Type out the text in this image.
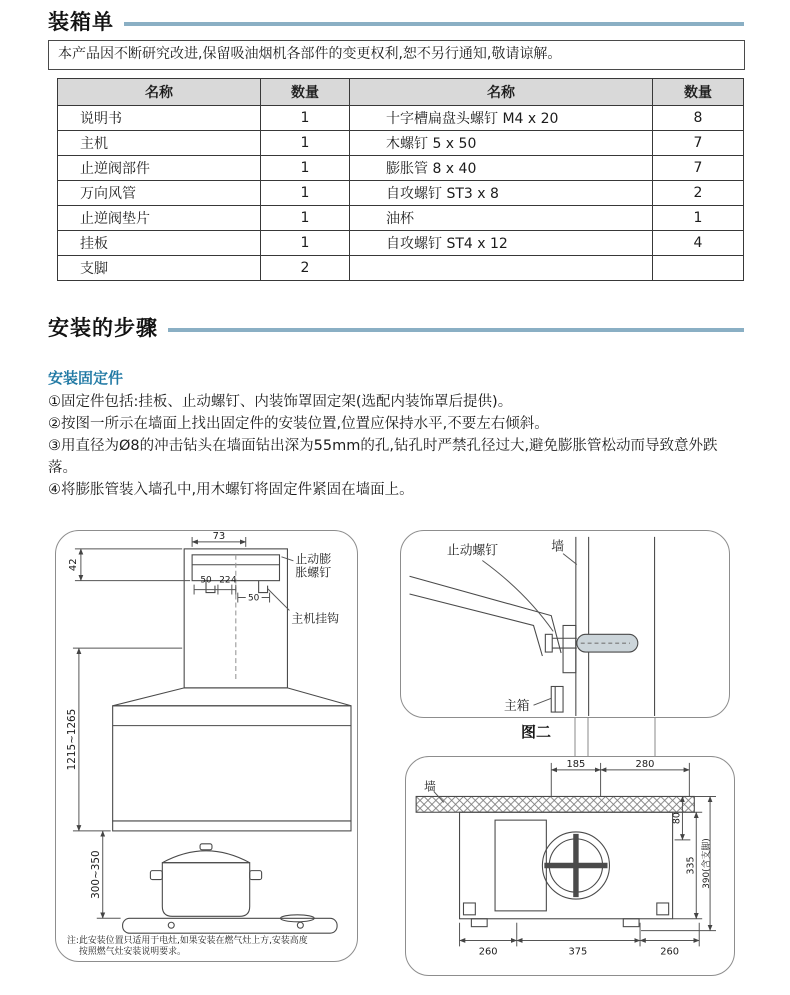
装箱单
本产品因不断研究改进,保留吸油烟机各部件的变更权利,恕不另行通知,敬请谅解。
名称	数量	名称	数量
说明书	1	十字槽扁盘头螺钉 M4 x 20	8
主机	1	木螺钉 5 x 50	7
止逆阀部件	1	膨胀管 8 x 40	7
万向风管	1	自攻螺钉 ST3 x 8	2
止逆阀垫片	1	油杯	1
挂板	1	自攻螺钉 ST4 x 12	4
支脚	2		
安装的步骤
安装固定件
①固定件包括:挂板、止动螺钉、内装饰罩固定架(选配内装饰罩后提供)。
②按图一所示在墙面上找出固定件的安装位置,位置应保持水平,不要左右倾斜。
③用直径为Ø8的冲击钻头在墙面钻出深为55mm的孔,钻孔时严禁孔径过大,避免膨胀管松动而导致意外跌落。
④将膨胀管装入墙孔中,用木螺钉将固定件紧固在墙面上。
73
42
50 22 4
50
止动膨
胀螺钉
主机挂钩
1215~1265
300~350
注:此安装位置只适用于电灶,如果安装在燃气灶上方,安装高度
按照燃气灶安装说明要求。
止动螺钉	墙
主箱
图二
185	280
墙
80
335 390(含支脚)
260	375	260
